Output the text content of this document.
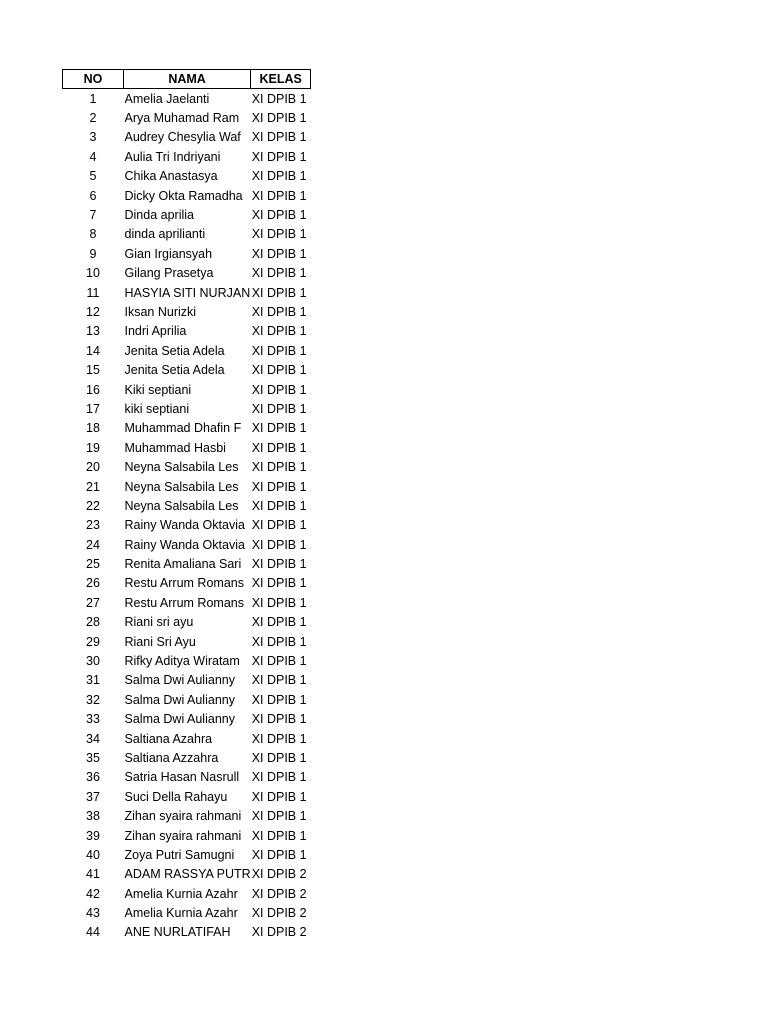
NO	NAMA	KELAS
1	Amelia Jaelanti	XI DPIB 1
2	Arya Muhamad Ram	XI DPIB 1
3	Audrey Chesylia Waf	XI DPIB 1
4	Aulia Tri Indriyani	XI DPIB 1
5	Chika Anastasya	XI DPIB 1
6	Dicky Okta Ramadha	XI DPIB 1
7	Dinda aprilia	XI DPIB 1
8	dinda aprilianti	XI DPIB 1
9	Gian Irgiansyah	XI DPIB 1
10	Gilang Prasetya	XI DPIB 1
11	HASYIA SITI NURJAN	XI DPIB 1
12	Iksan Nurizki	XI DPIB 1
13	Indri Aprilia	XI DPIB 1
14	Jenita Setia Adela	XI DPIB 1
15	Jenita Setia Adela	XI DPIB 1
16	Kiki septiani	XI DPIB 1
17	kiki septiani	XI DPIB 1
18	Muhammad Dhafin F	XI DPIB 1
19	Muhammad Hasbi	XI DPIB 1
20	Neyna Salsabila Les	XI DPIB 1
21	Neyna Salsabila Les	XI DPIB 1
22	Neyna Salsabila Les	XI DPIB 1
23	Rainy Wanda Oktavia	XI DPIB 1
24	Rainy Wanda Oktavia	XI DPIB 1
25	Renita Amaliana Sari	XI DPIB 1
26	Restu Arrum Romans	XI DPIB 1
27	Restu Arrum Romans	XI DPIB 1
28	Riani sri ayu	XI DPIB 1
29	Riani Sri Ayu	XI DPIB 1
30	Rifky Aditya Wiratam	XI DPIB 1
31	Salma Dwi Aulianny	XI DPIB 1
32	Salma Dwi Aulianny	XI DPIB 1
33	Salma Dwi Aulianny	XI DPIB 1
34	Saltiana Azahra	XI DPIB 1
35	Saltiana Azzahra	XI DPIB 1
36	Satria Hasan Nasrull	XI DPIB 1
37	Suci Della Rahayu	XI DPIB 1
38	Zihan syaira rahmani	XI DPIB 1
39	Zihan syaira rahmani	XI DPIB 1
40	Zoya Putri Samugni	XI DPIB 1
41	ADAM RASSYA PUTR	XI DPIB 2
42	Amelia Kurnia Azahr	XI DPIB 2
43	Amelia Kurnia Azahr	XI DPIB 2
44	ANE NURLATIFAH	XI DPIB 2
